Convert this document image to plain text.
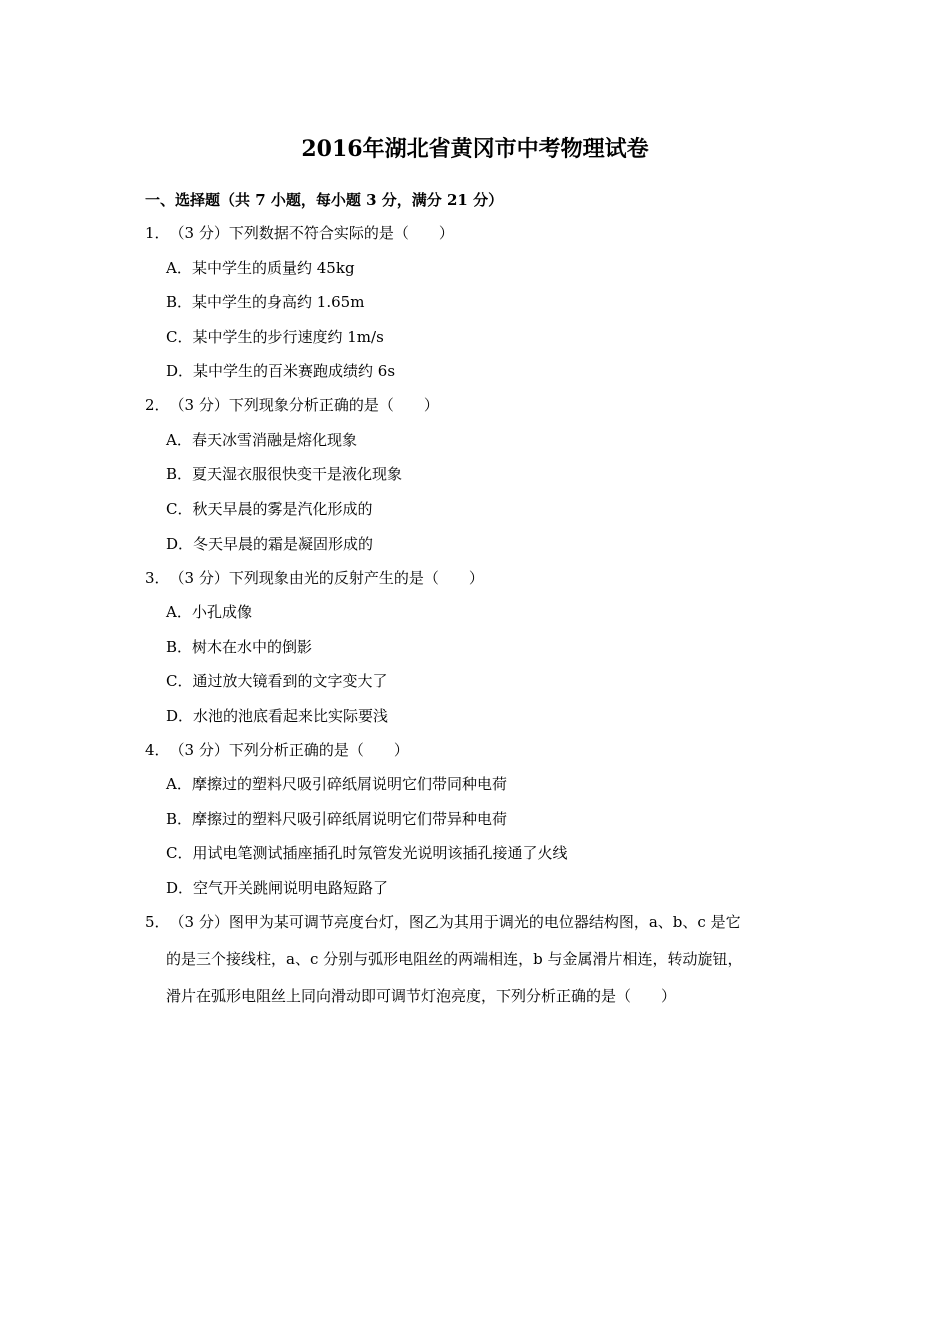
2016年湖北省黄冈市中考物理试卷
一、选择题（共 7 小题，每小题 3 分，满分 21 分）
1．（3 分）下列数据不符合实际的是（　　）
A．某中学生的质量约 45kg
B．某中学生的身高约 1.65m
C．某中学生的步行速度约 1m/s
D．某中学生的百米赛跑成绩约 6s
2．（3 分）下列现象分析正确的是（　　）
A．春天冰雪消融是熔化现象
B．夏天湿衣服很快变干是液化现象
C．秋天早晨的雾是汽化形成的
D．冬天早晨的霜是凝固形成的
3．（3 分）下列现象由光的反射产生的是（　　）
A．小孔成像
B．树木在水中的倒影
C．通过放大镜看到的文字变大了
D．水池的池底看起来比实际要浅
4．（3 分）下列分析正确的是（　　）
A．摩擦过的塑料尺吸引碎纸屑说明它们带同种电荷
B．摩擦过的塑料尺吸引碎纸屑说明它们带异种电荷
C．用试电笔测试插座插孔时氖管发光说明该插孔接通了火线
D．空气开关跳闸说明电路短路了
5．（3 分）图甲为某可调节亮度台灯，图乙为其用于调光的电位器结构图，a、b、c 是它
的是三个接线柱，a、c 分别与弧形电阻丝的两端相连，b 与金属滑片相连，转动旋钮，
滑片在弧形电阻丝上同向滑动即可调节灯泡亮度，下列分析正确的是（　　）
